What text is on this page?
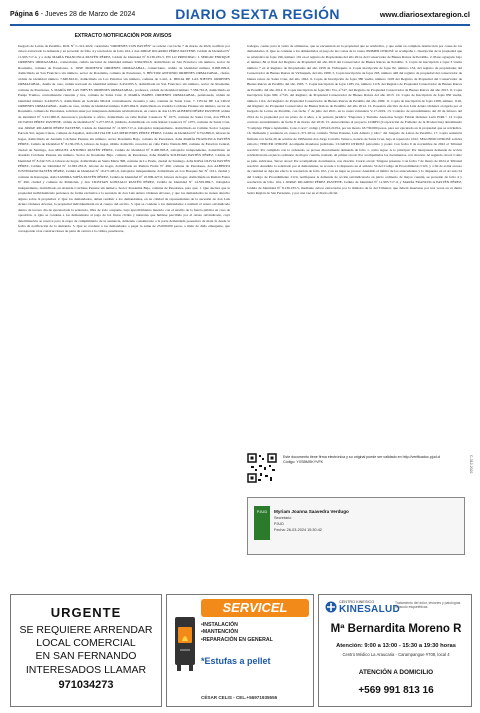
Página 6 - Jueves 28 de Marzo de 2024	DIARIO SEXTA REGIÓN	www.diariosextaregion.cl
EXTRACTO NOTIFICACIÓN POR AVISOS
Juzgado de Letras de Peralillo, ROL Nº C-312-2022, caratulado "ORDENES CON PASTÉN" se ordenó con fecha 7 de marzo de 2024, notificar por avisos extractado la demanda y su proveído de folio 4 y resolución de folio 104, a don JORGE RICARDO PÉREZ PASTENE, Cédula de Identidad Nº 11.995.717-4, y a doña MARÍA FRANCISCA PASTÉN PÉREZ, Cédula de Identidad Nº 8.136.235-5. EN LO PRINCIPAL: I. SERGIO ENRIQUE ORDENES ORMAZABAL, comerciante, cédula nacional de identidad número 9.962.994-8, domiciliado en San Francisco sin número, sector de Rosalema, comuna de Paredones, 2. JOSE MODESTO ORDENES ORMAZABAL, comerciante, cédula de identidad número 8.098.099-6, domiciliado en San Francisco sin número, sector de Rosalema, comuna de Paredones, 3. HÉCTOR ANTONIO ORDENES ORMAZABAL, chofer, cédula de identidad número 7.640.822-K, domiciliado en Los Palomos sin número, comuna de Lolol, 4. IDILIA DE LAS NIEVES ORDENES ORMAZABAL, dueña de casa, cédula nacional de identidad número 6.452.095-5, domiciliada en San Francisco sin número, sector de Rosalema, comuna de Paredones, 5. MARÍA DE LAS NIEVES ORDENES ORMAZABAL, profesora, cédula de identidad número 7.584.761-8, domiciliada en Pasaje Trumao, contramaestre cuarenta y tres, comuna de Santa Cruz, 6. MARÍA ISABEL ORDENES ORMAZABAL, pensionada, cédula de identidad número 6.440.055-3, domiciliada en Gabriela Mistral contramaestre cuarenta y seis, comuna de Santa Cruz, 7. CELIA DE LA CRUZ ORDENES ORMAZABAL, dueña de casa, cédula de identidad número 6.205.964-9, domiciliada en avenida Colchane Pastene sin número, sector de Rosalema, comuna de Paredones, solicitan tener por interpuesta demanda reivindicatoria, en contra de don LUIS ALBERTO PÉREZ PASTENE cédula de identidad Nº 5.211.960-8, desconozco profesión u oficio, domiciliado en calle Rafael Casanova Nº 1075, comuna de Santa Cruz, don FÉLIX OCTAVIO PÉREZ PASTENE, cédula de identidad Nº 5.277.957-8, jubilado, domiciliado en calle Rafael Casanova Nº 1075, comuna de Santa Cruz, don JORGE RICARDO PÉREZ PASTENE, Cédula de Identidad Nº 11.995.717-4, trabajador independiente, domiciliado en Camino Sector Laguna Parcela Sur, Aguas Claras, comuna de Zapallar, doña OLIVIA DE LAS MERCEDES PÉREZ PÉREZ, Cédula de Identidad Nº 9.752.899-0, labores de hogar, domiciliada en Avenida Colchane Pastene sin número, sector Rosalema Bajo, comuna de Paredones, doña MARÍA FRANCISCA PASTÉN PÉREZ, Cédula de Identidad Nº 8.136.235-5, labores de hogar, último domicilio conocido en calle Pablo Neruda 888, comuna de Estación Central, ciudad de Santiago, don MIGUEL ANTONIO PASTÉN PÉREZ, Cédula de Identidad Nº 8.490.893-8, trabajador independiente, domiciliado en Avenida Colchane Pastene sin número, Sector de Rosalema Bajo, comuna de Paredones, doña MARÍA SOLEDAD PASTÉN PÉREZ, Cédula de Identidad Nº 8.242.725-4, labores de hogar, domiciliada en Santa María 398, comuna de Lo Prado, ciudad de Santiago, doña ROSA OLIVIA PASTÉN PÉREZ, Cédula de Identidad Nº 12.045.281-8, labores de hogar, domiciliada en Ramón Freire Nº 490, comuna de Paredones, don ALBERTO JUSTINIANO PASTÉN PÉREZ, Cédula de Identidad Nº 10.271.081-9, trabajador independiente, domiciliado en Los Bosques Sur Nº 1161, ciudad y comuna de Rancagua, doña SANDRA SOFÍA PASTÉN PÉREZ, Cédula de Identidad Nº 10.906.427-0, labores de hogar, domiciliada en Ramón Freire Nº 490, ciudad y comuna de Peñalolen, y don CRISTIAN GONZALO PASTÉN PÉREZ, Cédula de Identidad Nº 14.559.069-7, trabajador independiente, domiciliado en Avenida Colchane Pastene sin número, Sector Rosalema Bajo, comuna de Paredones, para que: 1. Que declare que la propiedad individualizada pertenece de forma exclusiva a la sucesión de don Luis Arturo Ordenes Alvarez, y que los demandados no tienen derecho alguno sobre la propiedad. 2. Que los demandados, deben restituir a los demandantes, en su calidad de representantes de la sucesión de don Luis Arturo Ordenes Alvarez, la propiedad individualizada en el cuerpo del escrito. 3. Que se condene a los demandados a restituir el retazo reivindicado dentro de tercero día de ejecutoriada la sentencia, libre de todo ocupante, bajo apercibimiento lanzarlo con el auxilio de la fuerza pública en caso de oposición. 4. Que se condene a los demandados al pago de los frutos civiles y naturales que hubiese percibido por el retazo reivindicado, cuya determinación se reserve para la etapa de cumplimiento de la sentencia, debiendo considerarse a la parte demandada poseedora de mala fe desde la fecha de notificación de la demanda. 5. Que se condene a los demandados a pagar la suma de 25.000.000 pesos, a título de daño emergente, que corresponde a las construcciones de parte de carrera a la cabina, pesebreras,
bodegas, casino para la venta de alimentos, que se encuentran en la propiedad que se reivindica, y que están en completa destrucción por causa de los demandados. 6. Que se condene a los demandados al pago de las costas de la causa. PRIMER OTROSÍ: se acompaña 1. Inscripción de la propiedad que se reivindica de fojas 196, número 191 en el registro de Propiedades del año 2014, del Conservador de Bienes Raíces de Peralillo. 2. Plano agregado bajo el número 86 al final del Registro de Propiedad del año 2019 del Conservador de Bienes Raíces de Peralillo. 3. Copia de inscripción a fojas 3 vuelta número 7 en el Registro de Propiedades del año 1958 de Vichuquén. 4. Copia inscripción de fojas 82, número 134, del registro de propiedades del Conservador de Bienes Raíces de Vichuquén, del año 1989. 5. Copia inscripción de fojas 293, número 448 del registro de propiedad del conservador de bienes raíces de Santa Cruz, del año 1942. 6. Copia de Inscripción de fojas 380 vuelta, número 1108 del Registro de Propiedad del Conservador de Bienes Raíces de Peralillo del año 1993. 7. Copia inscripción de fojas 1285 vta, número 1118, del Registro de Propiedad Conservador de Bienes Raíces de Peralillo del año 2014. 8. Copia inscripción de fojas 901 Vta, nº747, del Registro de Propiedad Conservador de Bienes Raíces del año 2015. 9. Copia inscripción fojas 900, nº745, del Registro de Propiedad Conservador de Bienes Raíces del año 2015. 10. Copia de Inscripción de fojas 850 vuelta, número 1110, del Registro de Propiedad Conservador de Bienes Raíces de Peralillo del año 1999. 11. Copia de inscripción de fojas 1288, número 1120, del Registro de Propiedad Conservador de Bienes Raíces de Peralillo del año 2014. 12. Posesión efectiva de don Luis Arturo Ordenes otorgada por el Juzgado de Letras de Peralillo, con fecha 1º de julio del 2021, en la causa voluntaria V-17-2019. 13. Contrato de arrendamiento del 20 de febrero del 2014 de la propiedad por un plazo de 4 años, a la persona jurídica: "Deportes y Turismo Asesorías Sergio Fabian Ordenes León EIRL". 14 Copia contrato arrendamiento de fecha 8 de marzo del 2018. 15. Antecedentes al proyecto CORFO (Corporación de Fomento de la Producción) denominado "Complejo Hípico Ayuhuilán, Cono Corto" código (18VAT-21054, por un monto 18.730.000 pesos, para ser ejecutado en la propiedad que se reivindica. 16. Demanda y sentencia en causa C-371-2014, caratula "Pérez Pastene, Luis Alberto y Otro" del Juzgado de Letras de Peralillo. 17. Copia sentencia firmada con fecha 26 de octubre de 1995antón don Jorge Carvallo Velasco, notario de Santa Cruz, bajo el repertorio 1022. SEGUNDO OTROSÍ: solicita exhorto; TERCER OTROSÍ: Acompaña mandatos judiciales. CUARTO OTROSÍ: patrocinio y poder. Con fecha 9 de noviembre de 2022 el Tribunal resolvió: Por cumplido con lo ordenado, se provee directamente demanda de folio 1, como sigue: A lo principal: Por interpuesta demanda de acción reivindicatoria en juicio ordinario de mayor cuantía, traslado. Al primer otrosí: Por acompañados los documentos, con citación. Al segundo otrosí: Como se pide, exhórtese. Tercer otrosí: Por acompañado documentos, con citación. Cuarto otrosí: Téngase presente. Con fecha 7 de marzo de 2024 el Tribunal resolvió: Atendido lo solicitado por el demandante, se accede a lo dispuesto en el artículo 54 del Código de Procedimiento Civil, y a fin de evitar exceso de cantidad se deja sin efecto la resolución de folio 102, y en su lugar se provee: Atendido el mérito de los antecedentes y lo dispuesto en el art sulo 54 del Código de Procedimiento Civil, notifíquese la demanda de acción reivindicatoria en juicio ordinario de mayor cuantía, su proveído de folio 4 y resolución de folio 104, a JORGE RICARDO PÉREZ PASTENE, Cédula de Identidad Nº 11.995.717-4, y MARÍA FRANCISCA PASTÉN PÉREZ, Cédula de Identidad Nº 8.136.235-5, mediante avisos extractados por la ministro de fe del Tribunal, que deberá insertarse por tres veces en el diario Sexta Región de San Fernando, y por una vez en el diario oficial.
Este documento tiene firma electrónica y su original puede ser validado en http://verificadoc.pjud.cl
Código: YXSBMSKYVFK
PJUD	Myriam Joanna Saavedra Verdugo
Secretario
PJUD
Fecha: 26-03-2024 15:30:42
C-312-2022
URGENTE
SE REQUIERE ARRENDAR
LOCAL COMERCIAL
EN SAN FERNANDO
INTERESADOS LLAMAR
971034273
SERVICEL
•INSTALACIÓN
•MANTENCIÓN
•REPARACIÓN EN GENERAL
*Estufas a pellet
CÉSAR CELIS - CEL.+56971935555
CENTRO KINESICO
KINESALUD
Tratamiento del dolor, lesiones y patologías músculo esqueléticas
Mª Bernardita Moreno R
Atención: 9:00 a 13:00 - 15:30 a 19:30 horas
Centro Médico La Araucaria - Carampangue #708, local 4
ATENCIÓN A DOMICILIO
+569 991 813 16
